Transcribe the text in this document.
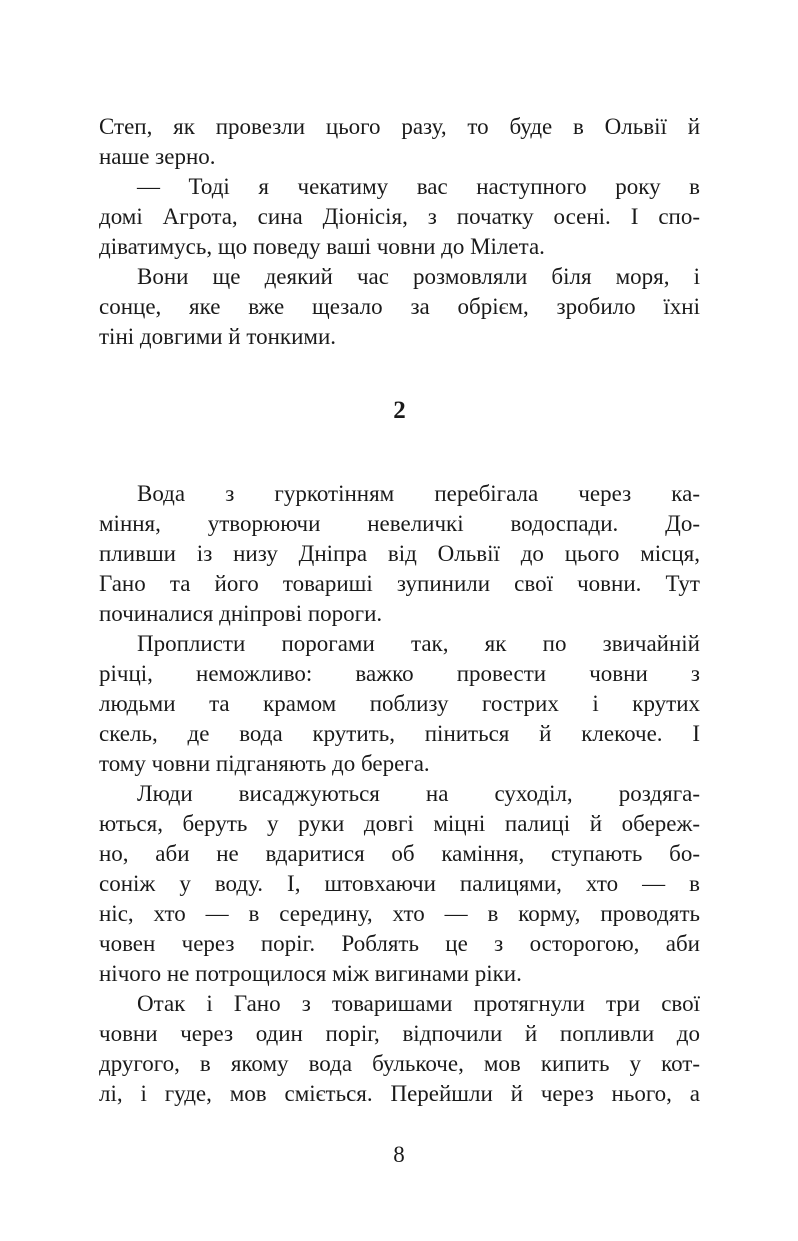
Степ, як провезли цього разу, то буде в Ольвії й
наше зерно.
— Тоді я чекатиму вас наступного року в
домі Агрота, сина Діонісія, з початку осені. І спо-
діватимусь, що поведу ваші човни до Мілета.
Вони ще деякий час розмовляли біля моря, і
сонце, яке вже щезало за обрієм, зробило їхні
тіні довгими й тонкими.
2
Вода з гуркотінням перебігала через ка-
міння, утворюючи невеличкі водоспади. До-
пливши із низу Дніпра від Ольвії до цього місця,
Гано та його товариші зупинили свої човни. Тут
починалися дніпрові пороги.
Проплисти порогами так, як по звичайній
річці, неможливо: важко провести човни з
людьми та крамом поблизу гострих і крутих
скель, де вода крутить, піниться й клекоче. І
тому човни підганяють до берега.
Люди висаджуються на суходіл, роздяга-
ються, беруть у руки довгі міцні палиці й обереж-
но, аби не вдаритися об каміння, ступають бо-
соніж у воду. І, штовхаючи палицями, хто — в
ніс, хто — в середину, хто — в корму, проводять
човен через поріг. Роблять це з осторогою, аби
нічого не потрощилося між вигинами ріки.
Отак і Гано з товаришами протягнули три свої
човни через один поріг, відпочили й попливли до
другого, в якому вода булькоче, мов кипить у кот-
лі, і гуде, мов сміється. Перейшли й через нього, а
8
